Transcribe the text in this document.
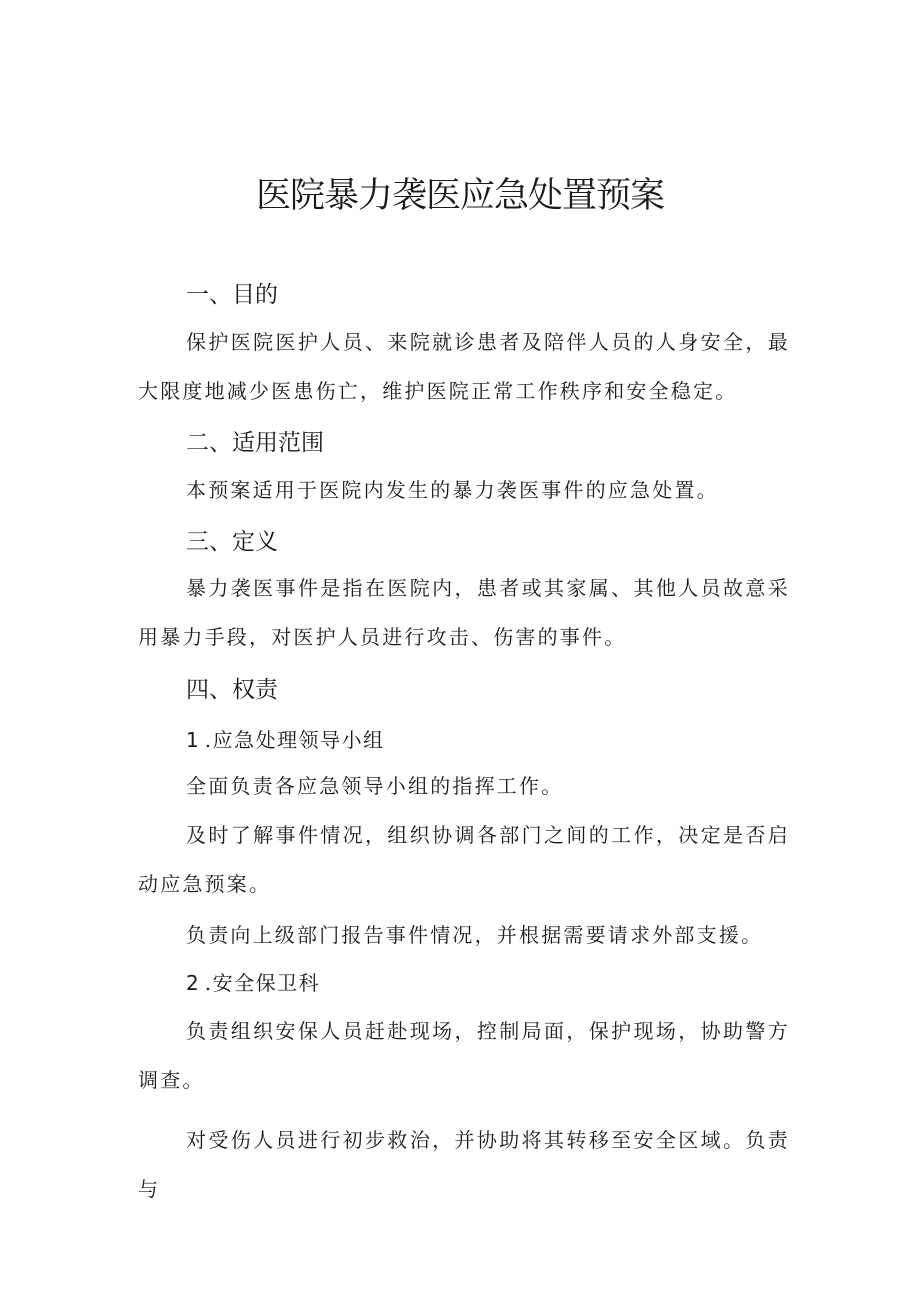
医院暴力袭医应急处置预案
一、目的

保护医院医护人员、来院就诊患者及陪伴人员的人身安全，最大限度地减少医患伤亡，维护医院正常工作秩序和安全稳定。

二、适用范围

本预案适用于医院内发生的暴力袭医事件的应急处置。

三、定义

暴力袭医事件是指在医院内，患者或其家属、其他人员故意采用暴力手段，对医护人员进行攻击、伤害的事件。

四、权责
1 .应急处理领导小组

全面负责各应急领导小组的指挥工作。

及时了解事件情况，组织协调各部门之间的工作，决定是否启动应急预案。

负责向上级部门报告事件情况，并根据需要请求外部支援。

2 .安全保卫科

负责组织安保人员赶赴现场，控制局面，保护现场，协助警方调查。

对受伤人员进行初步救治，并协助将其转移至安全区域。负责与
